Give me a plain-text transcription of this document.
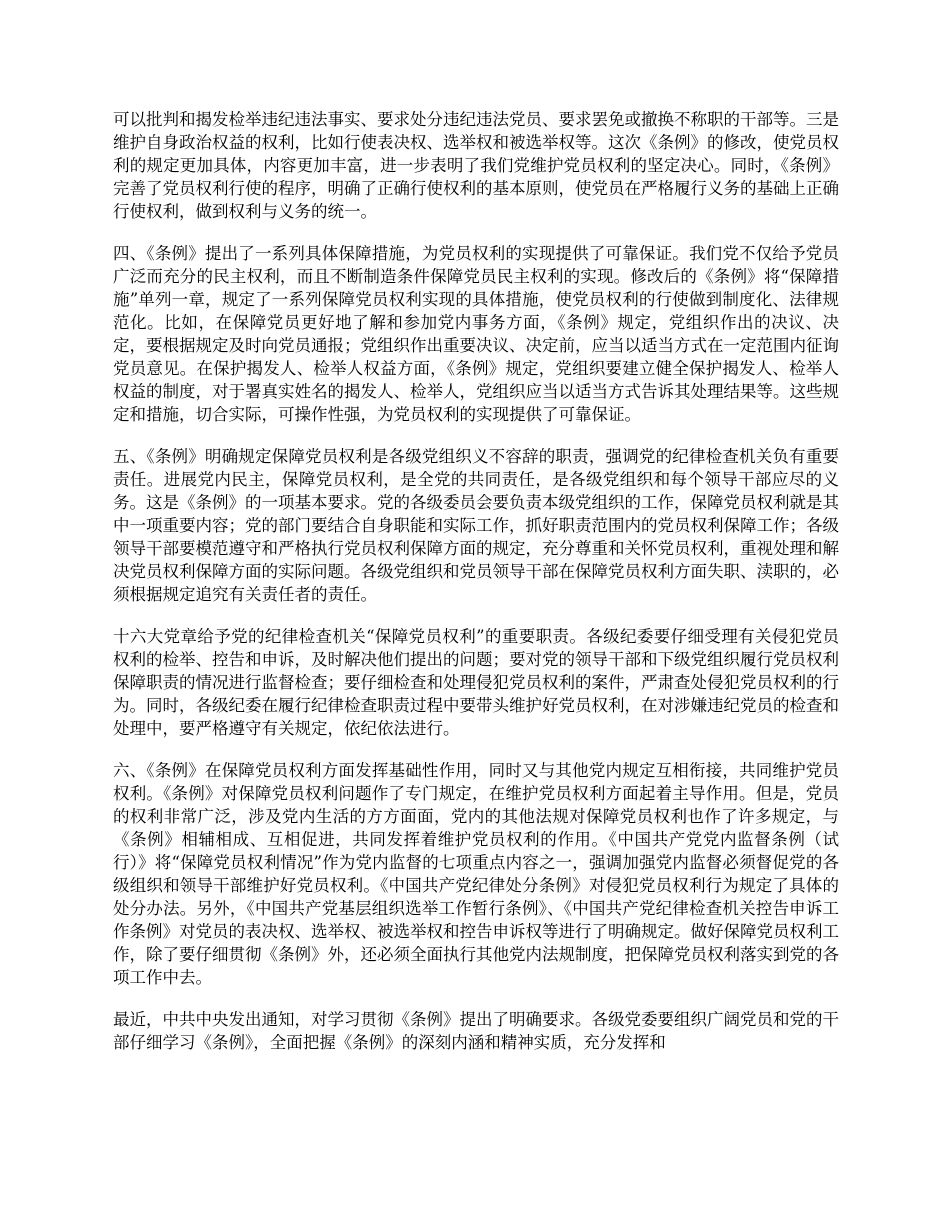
可以批判和揭发检举违纪违法事实、要求处分违纪违法党员、要求罢免或撤换不称职的干部等。三是维护自身政治权益的权利，比如行使表决权、选举权和被选举权等。这次《条例》的修改，使党员权利的规定更加具体，内容更加丰富，进一步表明了我们党维护党员权利的坚定决心。同时，《条例》完善了党员权利行使的程序，明确了正确行使权利的基本原则，使党员在严格履行义务的基础上正确行使权利，做到权利与义务的统一。

四、《条例》提出了一系列具体保障措施，为党员权利的实现提供了可靠保证。我们党不仅给予党员广泛而充分的民主权利，而且不断制造条件保障党员民主权利的实现。修改后的《条例》将“保障措施”单列一章，规定了一系列保障党员权利实现的具体措施，使党员权利的行使做到制度化、法律规范化。比如，在保障党员更好地了解和参加党内事务方面，《条例》规定，党组织作出的决议、决定，要根据规定及时向党员通报；党组织作出重要决议、决定前，应当以适当方式在一定范围内征询党员意见。在保护揭发人、检举人权益方面，《条例》规定，党组织要建立健全保护揭发人、检举人权益的制度，对于署真实姓名的揭发人、检举人，党组织应当以适当方式告诉其处理结果等。这些规定和措施，切合实际，可操作性强，为党员权利的实现提供了可靠保证。

五、《条例》明确规定保障党员权利是各级党组织义不容辞的职责，强调党的纪律检查机关负有重要责任。进展党内民主，保障党员权利，是全党的共同责任，是各级党组织和每个领导干部应尽的义务。这是《条例》的一项基本要求。党的各级委员会要负责本级党组织的工作，保障党员权利就是其中一项重要内容；党的部门要结合自身职能和实际工作，抓好职责范围内的党员权利保障工作；各级领导干部要模范遵守和严格执行党员权利保障方面的规定，充分尊重和关怀党员权利，重视处理和解决党员权利保障方面的实际问题。各级党组织和党员领导干部在保障党员权利方面失职、渎职的，必须根据规定追究有关责任者的责任。

十六大党章给予党的纪律检查机关“保障党员权利”的重要职责。各级纪委要仔细受理有关侵犯党员权利的检举、控告和申诉，及时解决他们提出的问题；要对党的领导干部和下级党组织履行党员权利保障职责的情况进行监督检查；要仔细检查和处理侵犯党员权利的案件，严肃查处侵犯党员权利的行为。同时，各级纪委在履行纪律检查职责过程中要带头维护好党员权利，在对涉嫌违纪党员的检查和处理中，要严格遵守有关规定，依纪依法进行。

六、《条例》在保障党员权利方面发挥基础性作用，同时又与其他党内规定互相衔接，共同维护党员权利。《条例》对保障党员权利问题作了专门规定，在维护党员权利方面起着主导作用。但是，党员的权利非常广泛，涉及党内生活的方方面面，党内的其他法规对保障党员权利也作了许多规定，与《条例》相辅相成、互相促进，共同发挥着维护党员权利的作用。《中国共产党党内监督条例（试行）》将“保障党员权利情况”作为党内监督的七项重点内容之一，强调加强党内监督必须督促党的各级组织和领导干部维护好党员权利。《中国共产党纪律处分条例》对侵犯党员权利行为规定了具体的处分办法。另外，《中国共产党基层组织选举工作暂行条例》、《中国共产党纪律检查机关控告申诉工作条例》对党员的表决权、选举权、被选举权和控告申诉权等进行了明确规定。做好保障党员权利工作，除了要仔细贯彻《条例》外，还必须全面执行其他党内法规制度，把保障党员权利落实到党的各项工作中去。

最近，中共中央发出通知，对学习贯彻《条例》提出了明确要求。各级党委要组织广阔党员和党的干部仔细学习《条例》，全面把握《条例》的深刻内涵和精神实质，充分发挥和
